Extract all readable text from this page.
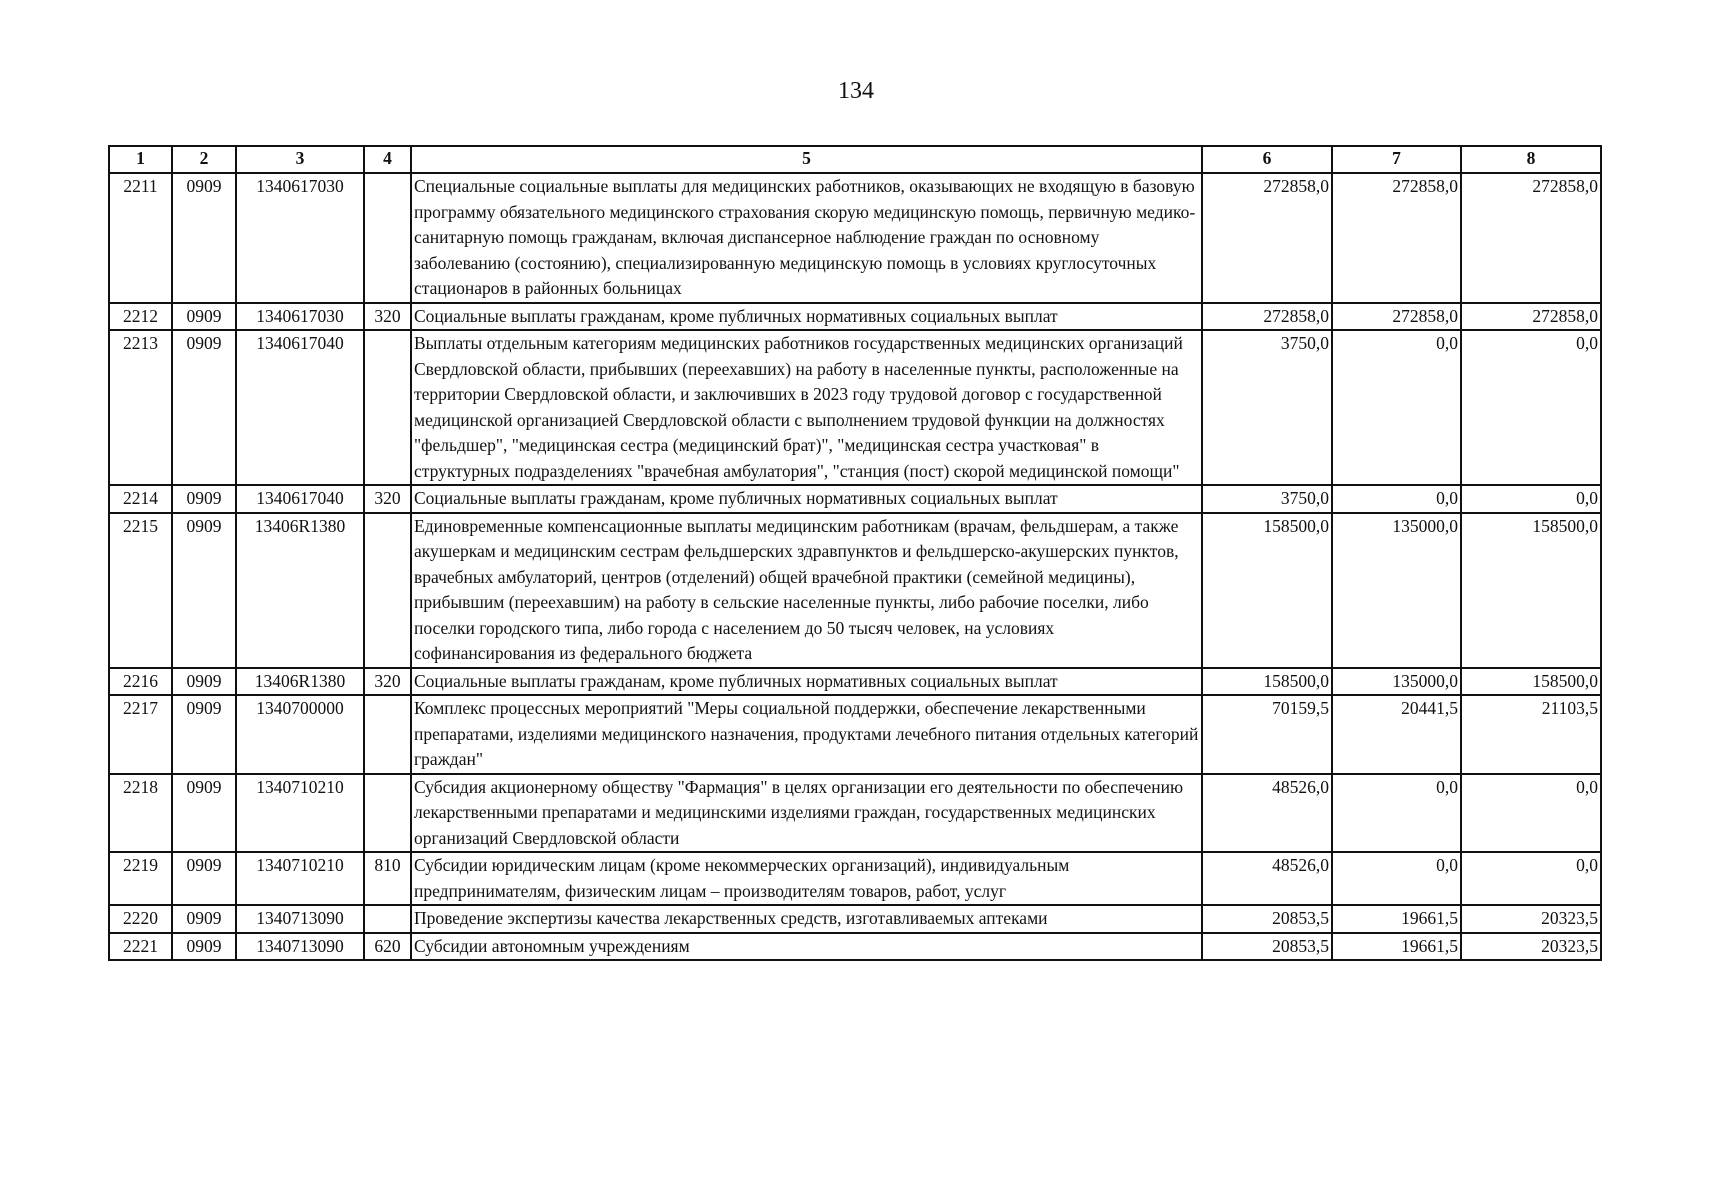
134
1	2	3	4	5	6	7	8
2211	0909	1340617030		Специальные социальные выплаты для медицинских работников, оказывающих не входящую в базовую программу обязательного медицинского страхования скорую медицинскую помощь, первичную медико-санитарную помощь гражданам, включая диспансерное наблюдение граждан по основному заболеванию (состоянию), специализированную медицинскую помощь в условиях круглосуточных стационаров в районных больницах	272858,0	272858,0	272858,0
2212	0909	1340617030	320	Социальные выплаты гражданам, кроме публичных нормативных социальных выплат	272858,0	272858,0	272858,0
2213	0909	1340617040		Выплаты отдельным категориям медицинских работников государственных медицинских организаций Свердловской области, прибывших (переехавших) на работу в населенные пункты, расположенные на территории Свердловской области, и заключивших в 2023 году трудовой договор с государственной медицинской организацией Свердловской области с выполнением трудовой функции на должностях "фельдшер", "медицинская сестра (медицинский брат)", "медицинская сестра участковая" в структурных подразделениях "врачебная амбулатория", "станция (пост) скорой медицинской помощи"	3750,0	0,0	0,0
2214	0909	1340617040	320	Социальные выплаты гражданам, кроме публичных нормативных социальных выплат	3750,0	0,0	0,0
2215	0909	13406R1380		Единовременные компенсационные выплаты медицинским работникам (врачам, фельдшерам, а также акушеркам и медицинским сестрам фельдшерских здравпунктов и фельдшерско-акушерских пунктов, врачебных амбулаторий, центров (отделений) общей врачебной практики (семейной медицины), прибывшим (переехавшим) на работу в сельские населенные пункты, либо рабочие поселки, либо поселки городского типа, либо города с населением до 50 тысяч человек, на условиях софинансирования из федерального бюджета	158500,0	135000,0	158500,0
2216	0909	13406R1380	320	Социальные выплаты гражданам, кроме публичных нормативных социальных выплат	158500,0	135000,0	158500,0
2217	0909	1340700000		Комплекс процессных мероприятий "Меры социальной поддержки, обеспечение лекарственными препаратами, изделиями медицинского назначения, продуктами лечебного питания отдельных категорий граждан"	70159,5	20441,5	21103,5
2218	0909	1340710210		Субсидия акционерному обществу "Фармация" в целях организации его деятельности по обеспечению лекарственными препаратами и медицинскими изделиями граждан, государственных медицинских организаций Свердловской области	48526,0	0,0	0,0
2219	0909	1340710210	810	Субсидии юридическим лицам (кроме некоммерческих организаций), индивидуальным предпринимателям, физическим лицам – производителям товаров, работ, услуг	48526,0	0,0	0,0
2220	0909	1340713090		Проведение экспертизы качества лекарственных средств, изготавливаемых аптеками	20853,5	19661,5	20323,5
2221	0909	1340713090	620	Субсидии автономным учреждениям	20853,5	19661,5	20323,5
